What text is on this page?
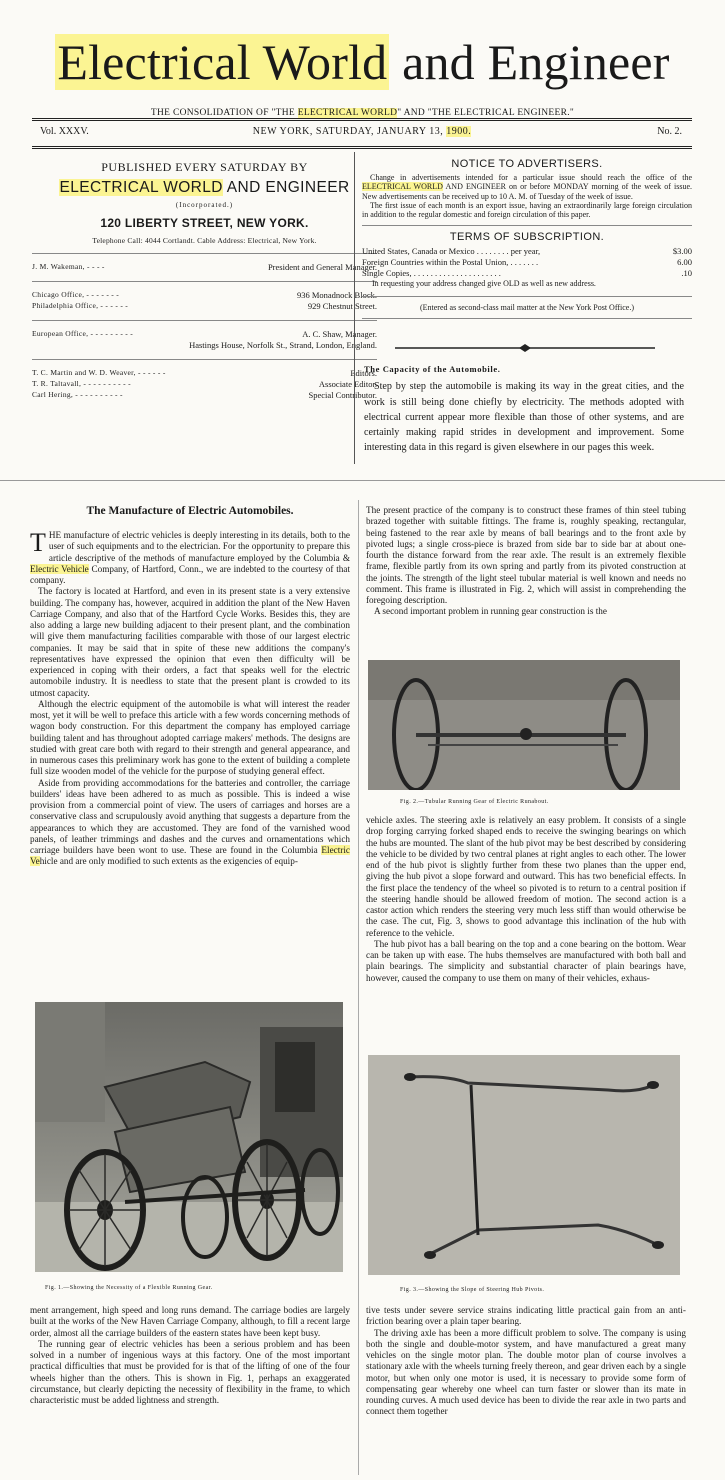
Electrical World and Engineer
THE CONSOLIDATION OF "THE ELECTRICAL WORLD" AND "THE ELECTRICAL ENGINEER."
Vol. XXXV.	NEW YORK, SATURDAY, JANUARY 13, 1900.	No. 2.
PUBLISHED EVERY SATURDAY BY
ELECTRICAL WORLD AND ENGINEER
(Incorporated.)
120 LIBERTY STREET, NEW YORK.
Telephone Call: 4044 Cortlandt. Cable Address: Electrical, New York.
J. M. Wakeman, - - - -	President and General Manager.
Chicago Office, - - - - - - -	936 Monadnock Block.
Philadelphia Office, - - - - - -	929 Chestnut Street.
European Office, - - - - - - - - -	A. C. Shaw, Manager.
Hastings House, Norfolk St., Strand, London, England.
T. C. Martin and W. D. Weaver, - - - - - -	Editors.
T. R. Taltavall, - - - - - - - - - -	Associate Editor.
Carl Hering, - - - - - - - - - -	Special Contributor.
NOTICE TO ADVERTISERS.

Change in advertisements intended for a particular issue should reach the office of the ELECTRICAL WORLD AND ENGINEER on or before MONDAY morning of the week of issue. New advertisements can be received up to 10 A. M. of Tuesday of the week of issue.

The first issue of each month is an export issue, having an extraordinarily large foreign circulation in addition to the regular domestic and foreign circulation of this paper.

TERMS OF SUBSCRIPTION.
United States, Canada or Mexico . . . . . . . . per year,	$3.00
Foreign Countries within the Postal Union, . . . . . . .	6.00
Single Copies, . . . . . . . . . . . . . . . . . . . . .	.10
In requesting your address changed give OLD as well as new address.
(Entered as second-class mail matter at the New York Post Office.)
The Capacity of the Automobile.

Step by step the automobile is making its way in the great cities, and the work is still being done chiefly by electricity. The methods adopted with electrical current appear more flexible than those of other systems, and are certainly making rapid strides in development and improvement. Some interesting data in this regard is given elsewhere in our pages this week.

The Manufacture of Electric Automobiles.

THE manufacture of electric vehicles is deeply interesting in its details, both to the user of such equipments and to the electrician. For the opportunity to prepare this article descriptive of the methods of manufacture employed by the Columbia & Electric Vehicle Company, of Hartford, Conn., we are indebted to the courtesy of that company.

The factory is located at Hartford, and even in its present state is a very extensive building. The company has, however, acquired in addition the plant of the New Haven Carriage Company, and also that of the Hartford Cycle Works. Besides this, they are also adding a large new building adjacent to their present plant, and the combination will give them manufacturing facilities comparable with those of our largest electric companies. It may be said that in spite of these new additions the company's representatives have expressed the opinion that even then difficulty will be experienced in coping with their orders, a fact that speaks well for the electric automobile industry. It is needless to state that the present plant is crowded to its utmost capacity.

Although the electric equipment of the automobile is what will interest the reader most, yet it will be well to preface this article with a few words concerning methods of wagon body construction. For this department the company has employed carriage building talent and has throughout adopted carriage makers' methods. The designs are studied with great care both with regard to their strength and general appearance, and in numerous cases this preliminary work has gone to the extent of building a complete full size wooden model of the vehicle for the purpose of studying general effect.

Aside from providing accommodations for the batteries and controller, the carriage builders' ideas have been adhered to as much as possible. This is indeed a wise provision from a commercial point of view. The users of carriages and horses are a conservative class and scrupulously avoid anything that suggests a departure from the appearances to which they are accustomed. They are fond of the varnished wood panels, of leather trimmings and dashes and the curves and ornamentations which carriage builders have been wont to use. These are found in the Columbia Electric Vehicle and are only modified to such extents as the exigencies of equip-

Fig. 1.—Showing the Necessity of a Flexible Running Gear.

ment arrangement, high speed and long runs demand. The carriage bodies are largely built at the works of the New Haven Carriage Company, although, to fill a recent large order, almost all the carriage builders of the eastern states have been kept busy.

The running gear of electric vehicles has been a serious problem and has been solved in a number of ingenious ways at this factory. One of the most important practical difficulties that must be provided for is that of the lifting of one of the four wheels higher than the others. This is shown in Fig. 1, perhaps an exaggerated circumstance, but clearly depicting the necessity of flexibility in the frame, to which characteristic must be added lightness and strength.

The present practice of the company is to construct these frames of thin steel tubing brazed together with suitable fittings. The frame is, roughly speaking, rectangular, being fastened to the rear axle by means of ball bearings and to the front axle by pivoted lugs; a single cross-piece is brazed from side bar to side bar at about one-fourth the distance forward from the rear axle. The result is an extremely flexible frame, flexible partly from its own spring and partly from its pivoted construction at the joints. The strength of the light steel tubular material is well known and needs no comment. This frame is illustrated in Fig. 2, which will assist in comprehending the foregoing description.

A second important problem in running gear construction is the

Fig. 2.—Tubular Running Gear of Electric Runabout.

vehicle axles. The steering axle is relatively an easy problem. It consists of a single drop forging carrying forked shaped ends to receive the swinging bearings on which the hubs are mounted. The slant of the hub pivot may be best described by considering the vehicle to be divided by two central planes at right angles to each other. The lower end of the hub pivot is slightly further from these two planes than the upper end, giving the hub pivot a slope forward and outward. This has two beneficial effects. In the first place the tendency of the wheel so pivoted is to return to a central position if the steering handle should be allowed freedom of motion. The second action is a castor action which renders the steering very much less stiff than would otherwise be the case. The cut, Fig. 3, shows to good advantage this inclination of the hub with reference to the vehicle.

The hub pivot has a ball bearing on the top and a cone bearing on the bottom. Wear can be taken up with ease. The hubs themselves are manufactured with both ball and plain bearings. The simplicity and substantial character of plain bearings have, however, caused the company to use them on many of their vehicles, exhaus-

Fig. 3.—Showing the Slope of Steering Hub Pivots.

tive tests under severe service strains indicating little practical gain from an anti-friction bearing over a plain taper bearing.

The driving axle has been a more difficult problem to solve. The company is using both the single and double-motor system, and have manufactured a great many vehicles on the single motor plan. The double motor plan of course involves a stationary axle with the wheels turning freely thereon, and gear driven each by a single motor, but when only one motor is used, it is necessary to provide some form of compensating gear whereby one wheel can turn faster or slower than its mate in rounding curves. A much used device has been to divide the rear axle in two parts and connect them together
